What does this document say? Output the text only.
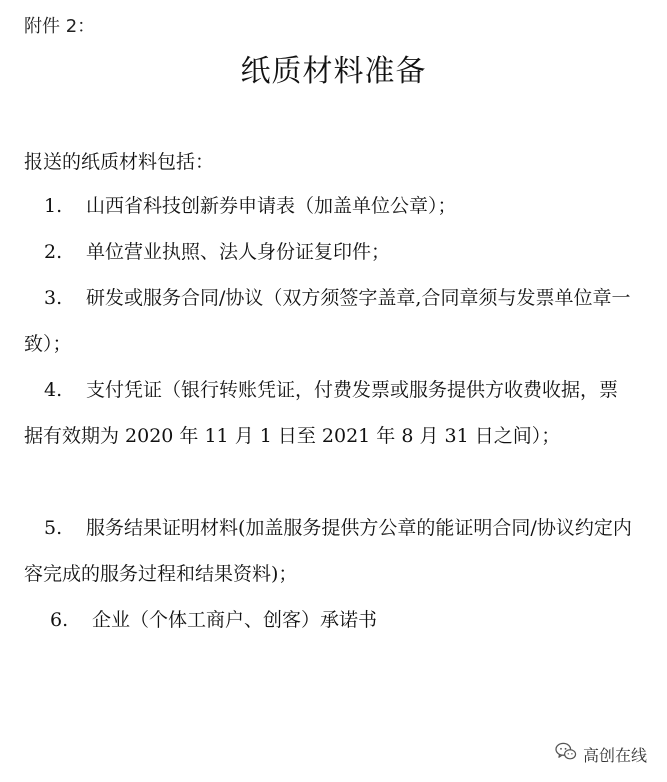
附件 2：
纸质材料准备
报送的纸质材料包括：
1. 山西省科技创新券申请表（加盖单位公章）；
2. 单位营业执照、法人身份证复印件；
3. 研发或服务合同/协议（双方须签字盖章,合同章须与发票单位章一致）；
4. 支付凭证（银行转账凭证，付费发票或服务提供方收费收据，票据有效期为 2020 年 11 月 1 日至 2021 年 8 月 31 日之间）；
5. 服务结果证明材料(加盖服务提供方公章的能证明合同/协议约定内容完成的服务过程和结果资料)；
6. 企业（个体工商户、创客）承诺书
高创在线
